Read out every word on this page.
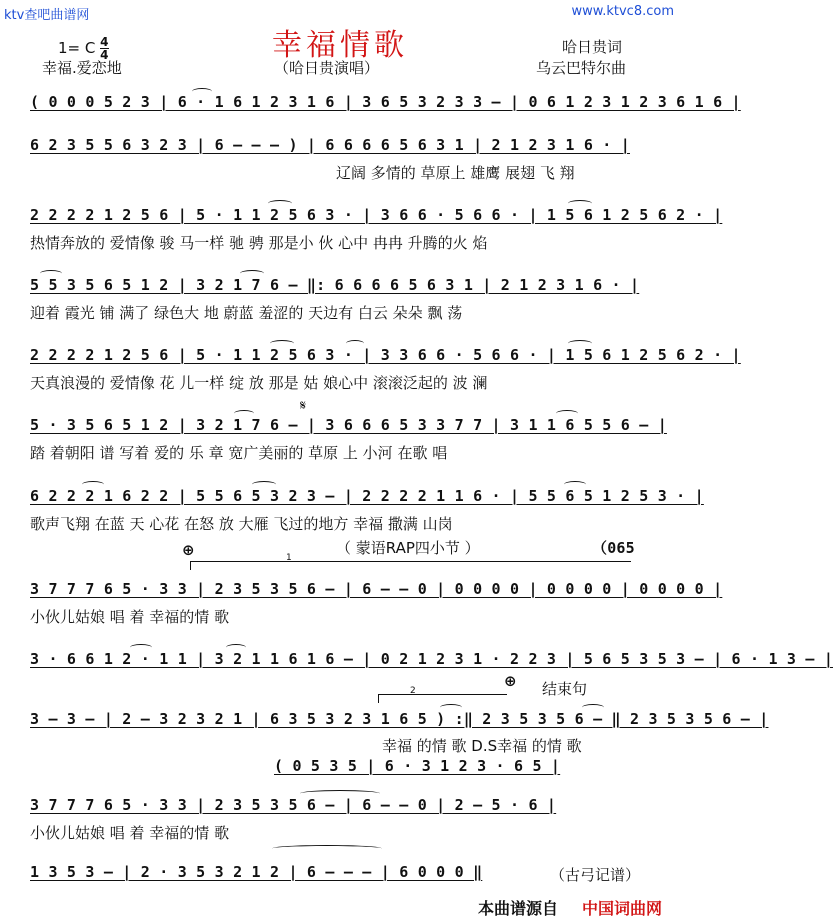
ktv查吧曲谱网	www.ktvc8.com
幸福情歌
1= C $\frac{4}{4}$
幸福.爱恋地	（哈日贵演唱）
哈日贵词
乌云巴特尔曲
( 0 0 0 5 2 3 | 6 · 1 6 1 2 3 1 6 | 3 6 5 3 2 3 3 – | 0 6 1 2 3 1 2 3 6 1 6 |
6 2 3 5 5 6 3 2 3 | 6 – – – ) | 6 6 6 6 5 6 3 1 | 2 1 2 3 1 6 · |
辽阔 多情的 草原上 雄鹰 展翅 飞 翔
2 2 2 2 1 2 5 6 | 5 · 1 1 2 5 6 3 · | 3 6 6 · 5 6 6 · | 1 5 6 1 2 5 6 2 · |
热情奔放的 爱情像 骏 马一样 驰 骋 那是小 伙 心中 冉冉 升腾的火 焰
5 5 3 5 6 5 1 2 | 3 2 1 7 6 – ‖: 6 6 6 6 5 6 3 1 | 2 1 2 3 1 6 · |
迎着 霞光 铺 满了 绿色大 地 蔚蓝 羞涩的 天边有 白云 朵朵 飘 荡
2 2 2 2 1 2 5 6 | 5 · 1 1 2 5 6 3 · | 3 3 6 6 · 5 6 6 · | 1 5 6 1 2 5 6 2 · |
天真浪漫的 爱情像 花 儿一样 绽 放 那是 姑 娘心中 滚滚泛起的 波 澜
5 · 3 5 6 5 1 2 | 3 2 1 7 6 – | 3 6 6 6 5 3 3 7 7 | 3 1 1 6 5 5 6 – |
𝄋
踏 着朝阳 谱 写着 爱的 乐 章 宽广美丽的 草原 上 小河 在歌 唱
6 2 2 2 1 6 2 2 | 5 5 6 5 3 2 3 – | 2 2 2 2 1 1 6 · | 5 5 6 5 1 2 5 3 · |
歌声飞翔 在蓝 天 心花 在怒 放 大雁 飞过的地方 幸福 撒满 山岗
⊕	（ 蒙语RAP四小节 ）	（065
1
3 7 7 7 6 5 · 3 3 | 2 3 5 3 5 6 – | 6 – – 0 | 0 0 0 0 | 0 0 0 0 | 0 0 0 0 |
小伙儿姑娘 唱 着 幸福的情 歌
3 · 6 6 1 2 · 1 1 | 3 2 1 1 6 1 6 – | 0 2 1 2 3 1 · 2 2 3 | 5 6 5 3 5 3 – | 6 · 1 3 – |
⊕ 结束句
2
3 – 3 – | 2 – 3 2 3 2 1 | 6 3 5 3 2 3 1 6 5 ) :‖ 2 3 5 3 5 6 – ‖ 2 3 5 3 5 6 – |
幸福 的情 歌 D.S幸福 的情 歌
( 0 5 3 5 | 6 · 3 1 2 3 · 6 5 |
3 7 7 7 6 5 · 3 3 | 2 3 5 3 5 6 – | 6 – – 0 | 2 – 5 · 6 |
小伙儿姑娘 唱 着 幸福的情 歌
1 3 5 3 – | 2 · 3 5 3 2 1 2 | 6 – – – | 6 0 0 0 ‖	（古弓记谱）
本曲谱源自 中国词曲网
